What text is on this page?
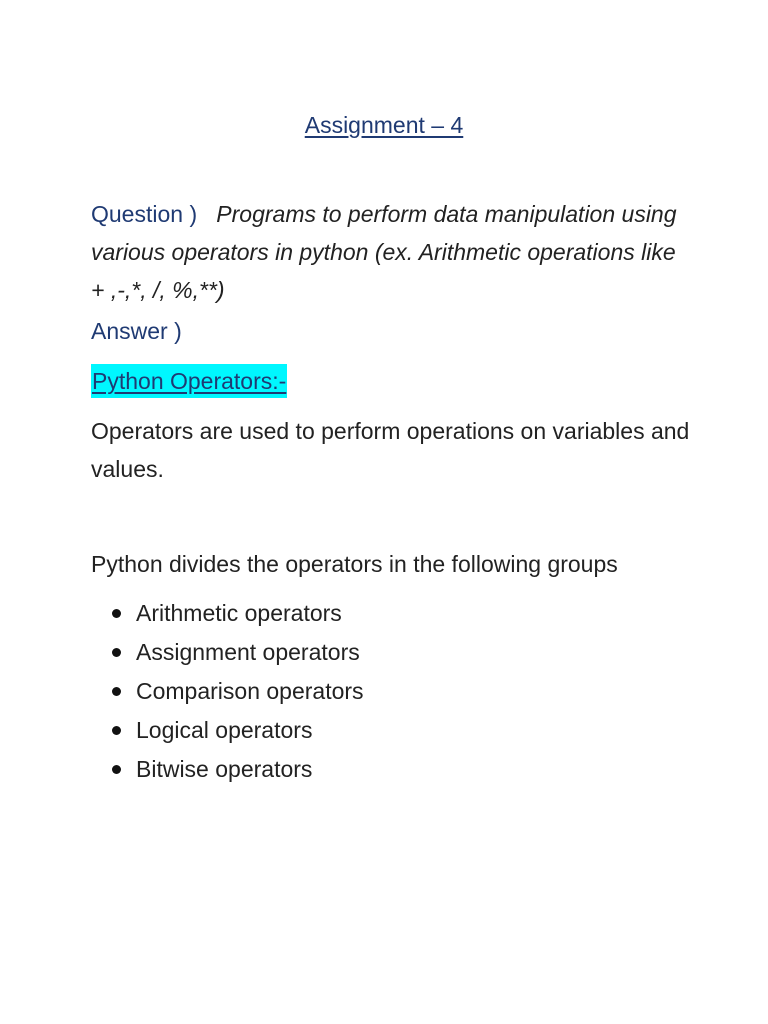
Assignment – 4
Question ) Programs to perform data manipulation using various operators in python (ex. Arithmetic operations like + ,-,*, /, %,**)
Answer )
Python Operators:-
Operators are used to perform operations on variables and values.
Python divides the operators in the following groups
Arithmetic operators
Assignment operators
Comparison operators
Logical operators
Bitwise operators
